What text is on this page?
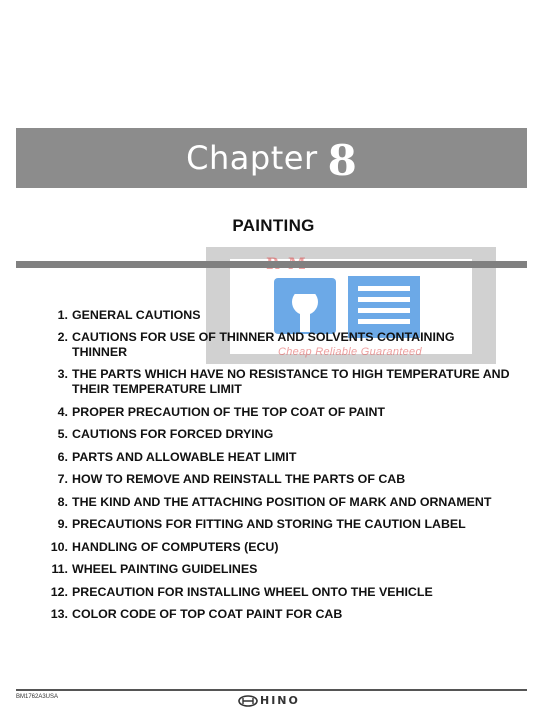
Chapter 8
PAINTING
Cheap Reliable Guaranteed
1. GENERAL CAUTIONS
2. CAUTIONS FOR USE OF THINNER AND SOLVENTS CONTAINING THINNER
3. THE PARTS WHICH HAVE NO RESISTANCE TO HIGH TEMPERATURE AND THEIR TEMPERATURE LIMIT
4. PROPER PRECAUTION OF THE TOP COAT OF PAINT
5. CAUTIONS FOR FORCED DRYING
6. PARTS AND ALLOWABLE HEAT LIMIT
7. HOW TO REMOVE AND REINSTALL THE PARTS OF CAB
8. THE KIND AND THE ATTACHING POSITION OF MARK AND ORNAMENT
9. PRECAUTIONS FOR FITTING AND STORING THE CAUTION LABEL
10. HANDLING OF COMPUTERS (ECU)
11. WHEEL PAINTING GUIDELINES
12. PRECAUTION FOR INSTALLING WHEEL ONTO THE VEHICLE
13. COLOR CODE OF TOP COAT PAINT FOR CAB
BM1762A3USA	HINO
